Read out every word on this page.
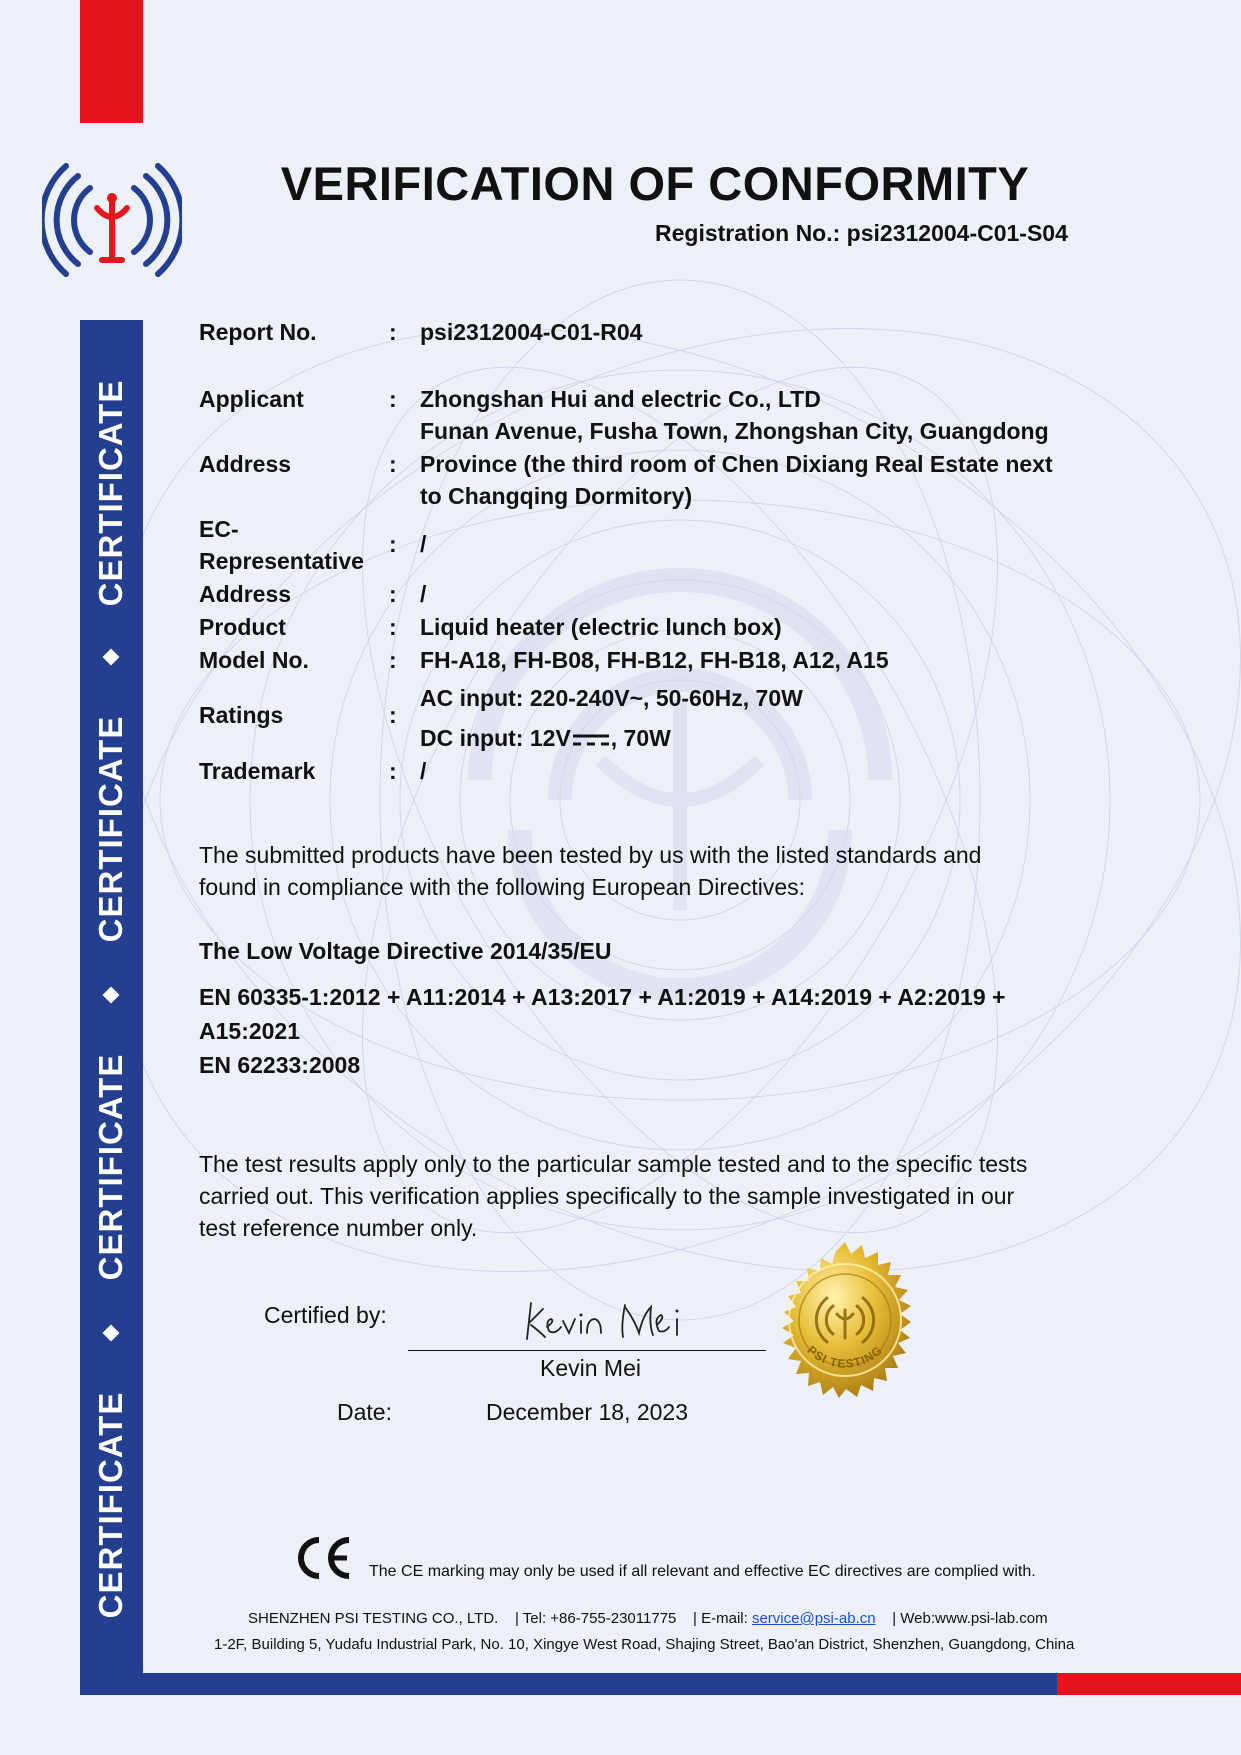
CERTIFICATE
CERTIFICATE
CERTIFICATE
CERTIFICATE
VERIFICATION OF CONFORMITY
Registration No.: psi2312004-C01-S04
Report No.	: psi2312004-C01-R04
Applicant	: Zhongshan Hui and electric Co., LTD
Funan Avenue, Fusha Town, Zhongshan City, Guangdong
Address	: Province (the third room of Chen Dixiang Real Estate next
to Changqing Dormitory)
EC-
Representative
: /
Address	: /
Product	: Liquid heater (electric lunch box)
Model No.	: FH-A18, FH-B08, FH-B12, FH-B18, A12, A15
AC input: 220-240V~, 50-60Hz, 70W
Ratings	:
DC input: 12V , 70W
Trademark	: /
The submitted products have been tested by us with the listed standards and
found in compliance with the following European Directives:
The Low Voltage Directive 2014/35/EU
EN 60335-1:2012 + A11:2014 + A13:2017 + A1:2019 + A14:2019 + A2:2019 +
A15:2021
EN 62233:2008
The test results apply only to the particular sample tested and to the specific tests
carried out. This verification applies specifically to the sample investigated in our
test reference number only.
Certified by:
Kevin Mei
Date:	December 18, 2023
PSI TESTING
The CE marking may only be used if all relevant and effective EC directives are complied with.
SHENZHEN PSI TESTING CO., LTD. | Tel: +86-755-23011775 | E-mail: service@psi-ab.cn | Web:www.psi-lab.com
1-2F, Building 5, Yudafu Industrial Park, No. 10, Xingye West Road, Shajing Street, Bao'an District, Shenzhen, Guangdong, China
